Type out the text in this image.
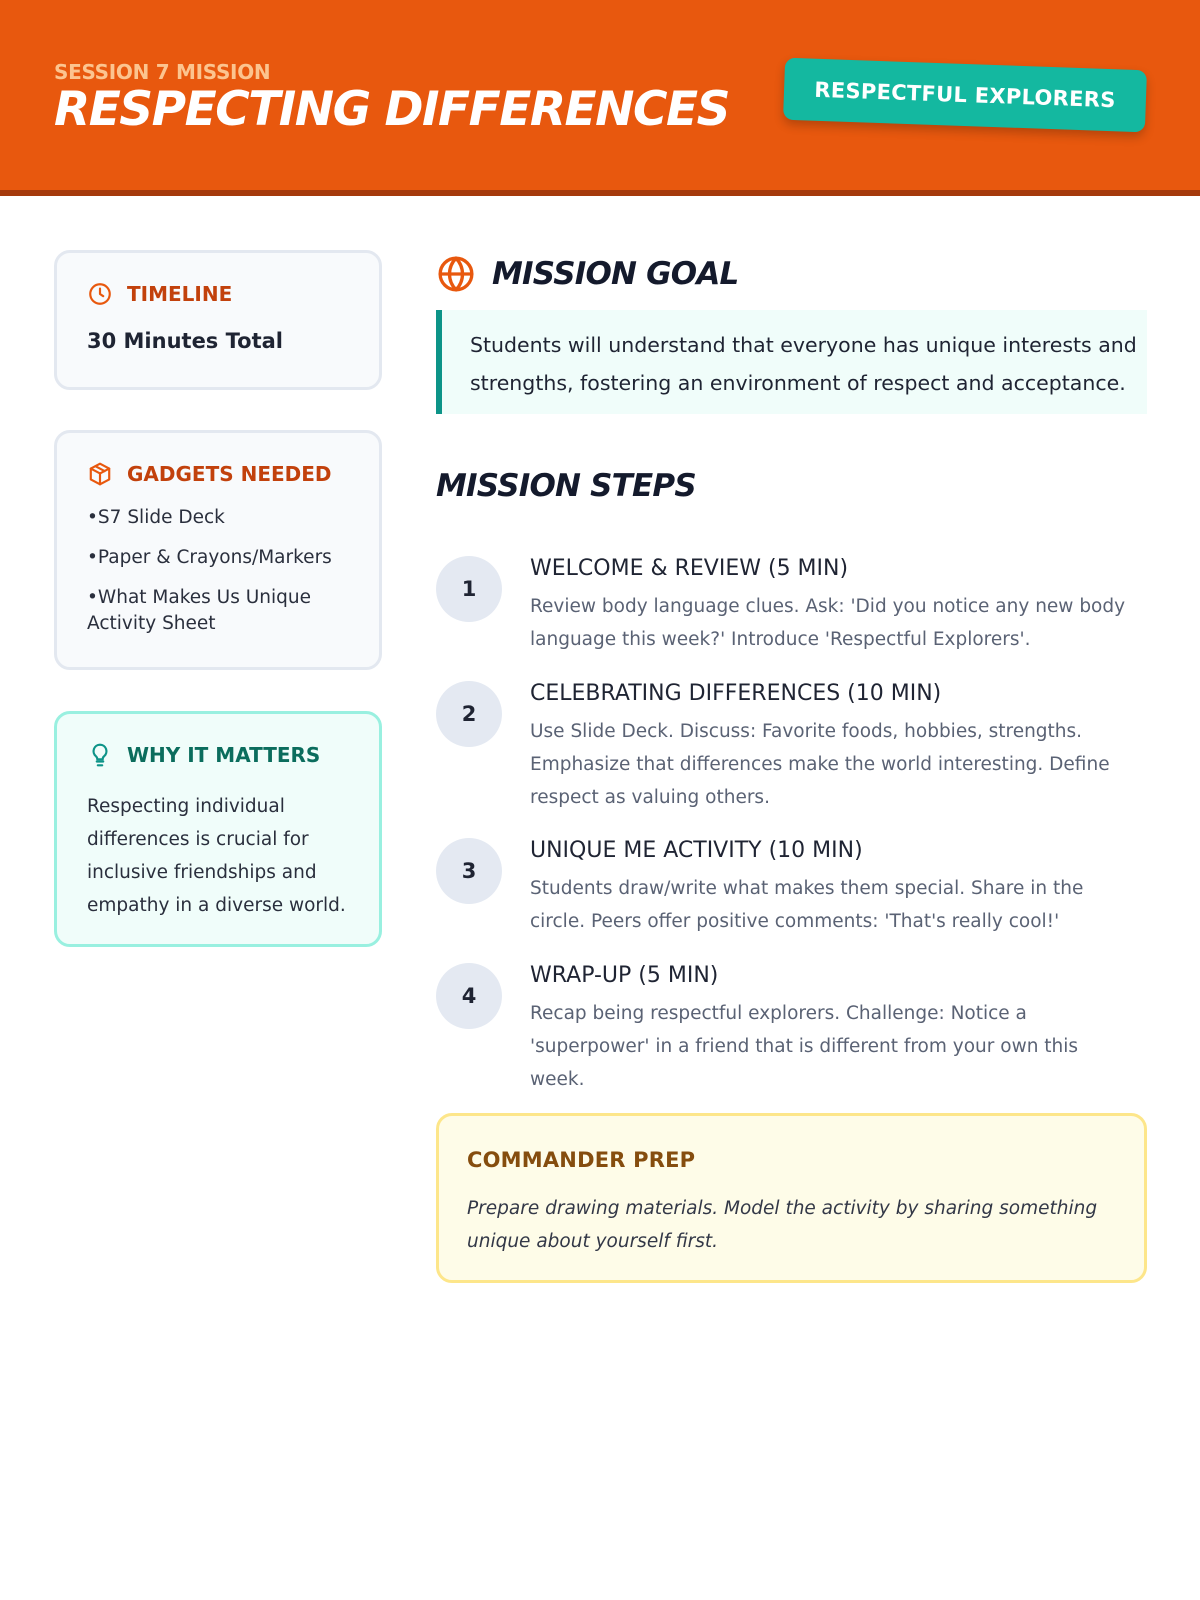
SESSION 7 MISSION
RESPECTING DIFFERENCES	RESPECTFUL EXPLORERS
TIMELINE
30 Minutes Total
GADGETS NEEDED
• S7 Slide Deck
• Paper & Crayons/Markers
• What Makes Us Unique Activity Sheet
WHY IT MATTERS
Respecting individual differences is crucial for inclusive friendships and empathy in a diverse world.
MISSION GOAL
Students will understand that everyone has unique interests and strengths, fostering an environment of respect and acceptance.
MISSION STEPS
1
WELCOME & REVIEW (5 MIN)
Review body language clues. Ask: 'Did you notice any new body language this week?' Introduce 'Respectful Explorers'.
2
CELEBRATING DIFFERENCES (10 MIN)
Use Slide Deck. Discuss: Favorite foods, hobbies, strengths. Emphasize that differences make the world interesting. Define respect as valuing others.
3
UNIQUE ME ACTIVITY (10 MIN)
Students draw/write what makes them special. Share in the circle. Peers offer positive comments: 'That's really cool!'
4
WRAP-UP (5 MIN)
Recap being respectful explorers. Challenge: Notice a 'superpower' in a friend that is different from your own this week.
COMMANDER PREP
Prepare drawing materials. Model the activity by sharing something unique about yourself first.
